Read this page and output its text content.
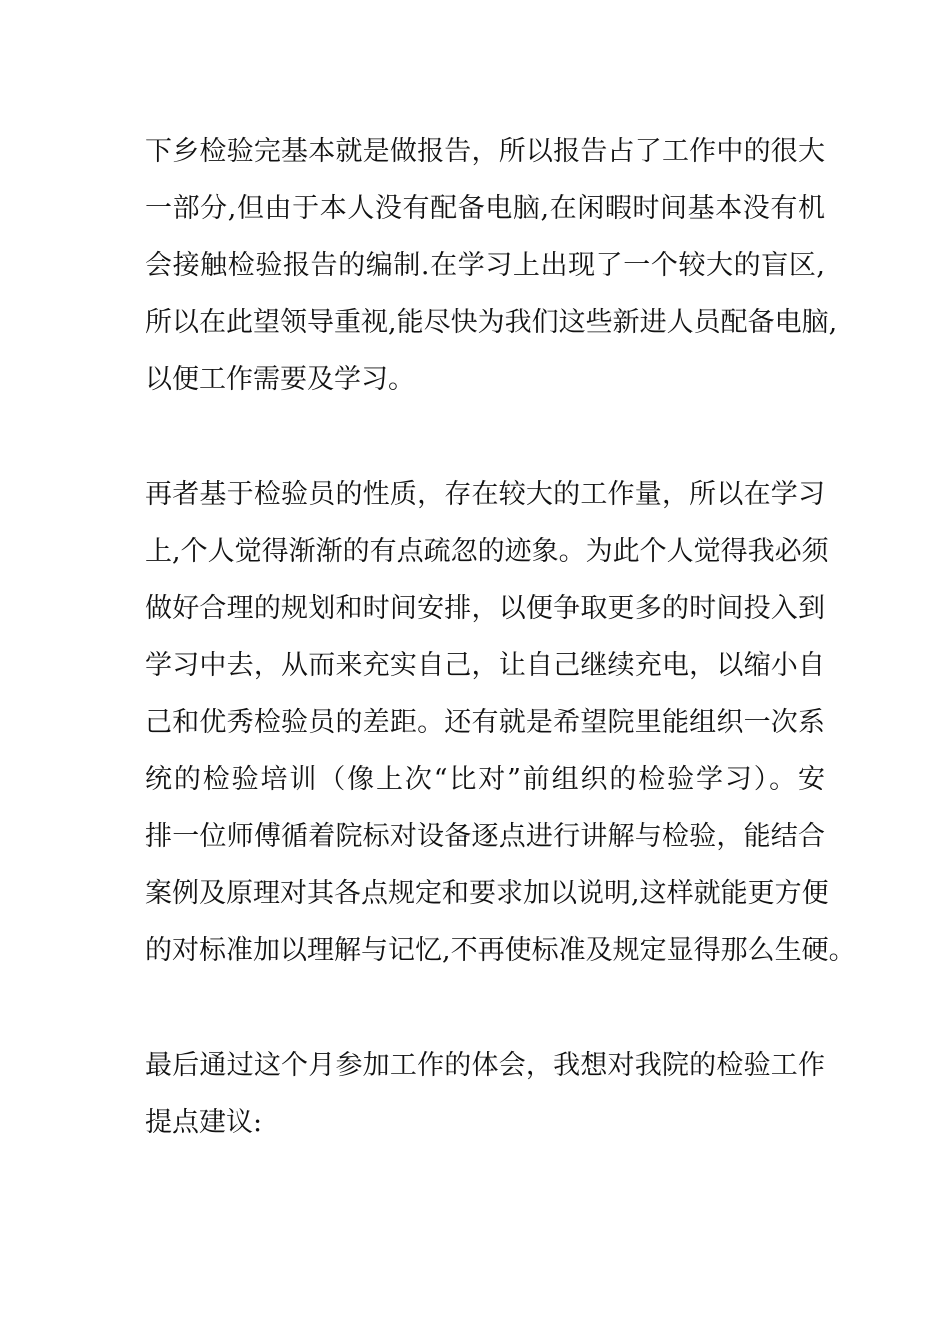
下乡检验完基本就是做报告，所以报告占了工作中的很大
一部分,但由于本人没有配备电脑,在闲暇时间基本没有机
会接触检验报告的编制.在学习上出现了一个较大的盲区,
所以在此望领导重视,能尽快为我们这些新进人员配备电脑,
以便工作需要及学习。
再者基于检验员的性质，存在较大的工作量，所以在学习
上,个人觉得渐渐的有点疏忽的迹象。为此个人觉得我必须
做好合理的规划和时间安排，以便争取更多的时间投入到
学习中去，从而来充实自己，让自己继续充电，以缩小自
己和优秀检验员的差距。还有就是希望院里能组织一次系
统的检验培训（像上次“比对”前组织的检验学习）。安
排一位师傅循着院标对设备逐点进行讲解与检验，能结合
案例及原理对其各点规定和要求加以说明,这样就能更方便
的对标准加以理解与记忆,不再使标准及规定显得那么生硬。
最后通过这个月参加工作的体会，我想对我院的检验工作
提点建议:
